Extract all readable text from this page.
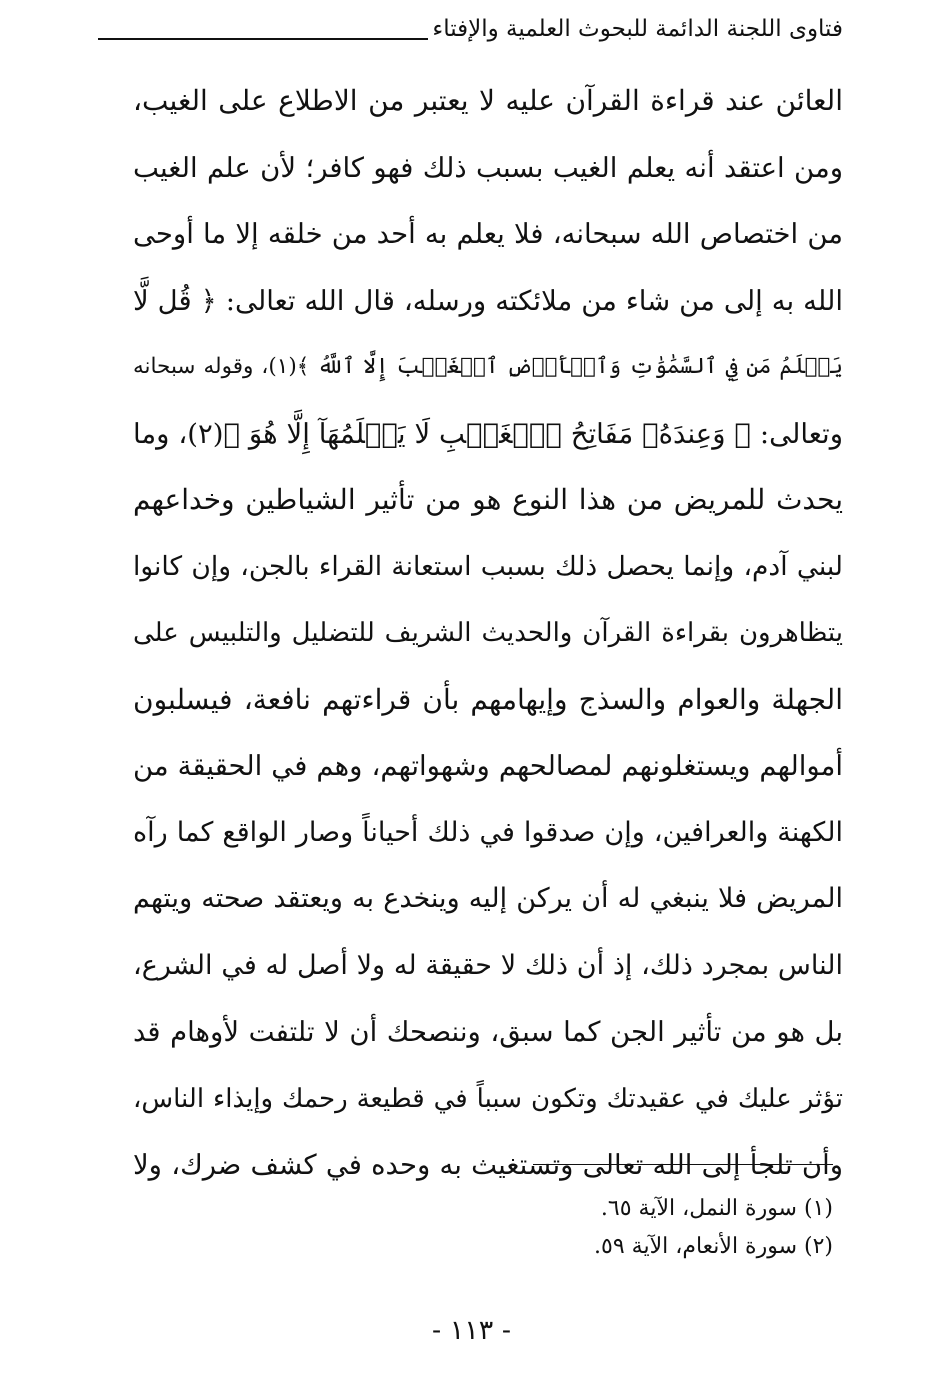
فتاوى اللجنة الدائمة للبحوث العلمية والإفتاء
العائن عند قراءة القرآن عليه لا يعتبر من الاطلاع على الغيب،
ومن اعتقد أنه يعلم الغيب بسبب ذلك فهو كافر؛ لأن علم الغيب
من اختصاص الله سبحانه، فلا يعلم به أحد من خلقه إلا ما أوحى
الله به إلى من شاء من ملائكته ورسله، قال الله تعالى: ﴿ قُل لَّا
يَعۡلَمُ مَن فِي ٱلسَّمَٰوَٰتِ وَٱلۡأَرۡضِ ٱلۡغَيۡبَ إِلَّا ٱللَّهُ ﴾(١)، وقوله سبحانه
وتعالى: ﴿ وَعِندَهُۥ مَفَاتِحُ ٱلۡغَيۡبِ لَا يَعۡلَمُهَآ إِلَّا هُوَ ﴾(٢)، وما
يحدث للمريض من هذا النوع هو من تأثير الشياطين وخداعهم
لبني آدم، وإنما يحصل ذلك بسبب استعانة القراء بالجن، وإن كانوا
يتظاهرون بقراءة القرآن والحديث الشريف للتضليل والتلبيس على
الجهلة والعوام والسذج وإيهامهم بأن قراءتهم نافعة، فيسلبون
أموالهم ويستغلونهم لمصالحهم وشهواتهم، وهم في الحقيقة من
الكهنة والعرافين، وإن صدقوا في ذلك أحياناً وصار الواقع كما رآه
المريض فلا ينبغي له أن يركن إليه وينخدع به ويعتقد صحته ويتهم
الناس بمجرد ذلك، إذ أن ذلك لا حقيقة له ولا أصل له في الشرع،
بل هو من تأثير الجن كما سبق، وننصحك أن لا تلتفت لأوهام قد
تؤثر عليك في عقيدتك وتكون سبباً في قطيعة رحمك وإيذاء الناس،
وأن تلجأ إلى الله تعالى وتستغيث به وحده في كشف ضرك، ولا
(١) سورة النمل، الآية ٦٥.
(٢) سورة الأنعام، الآية ٥٩.
- ١١٣ -
